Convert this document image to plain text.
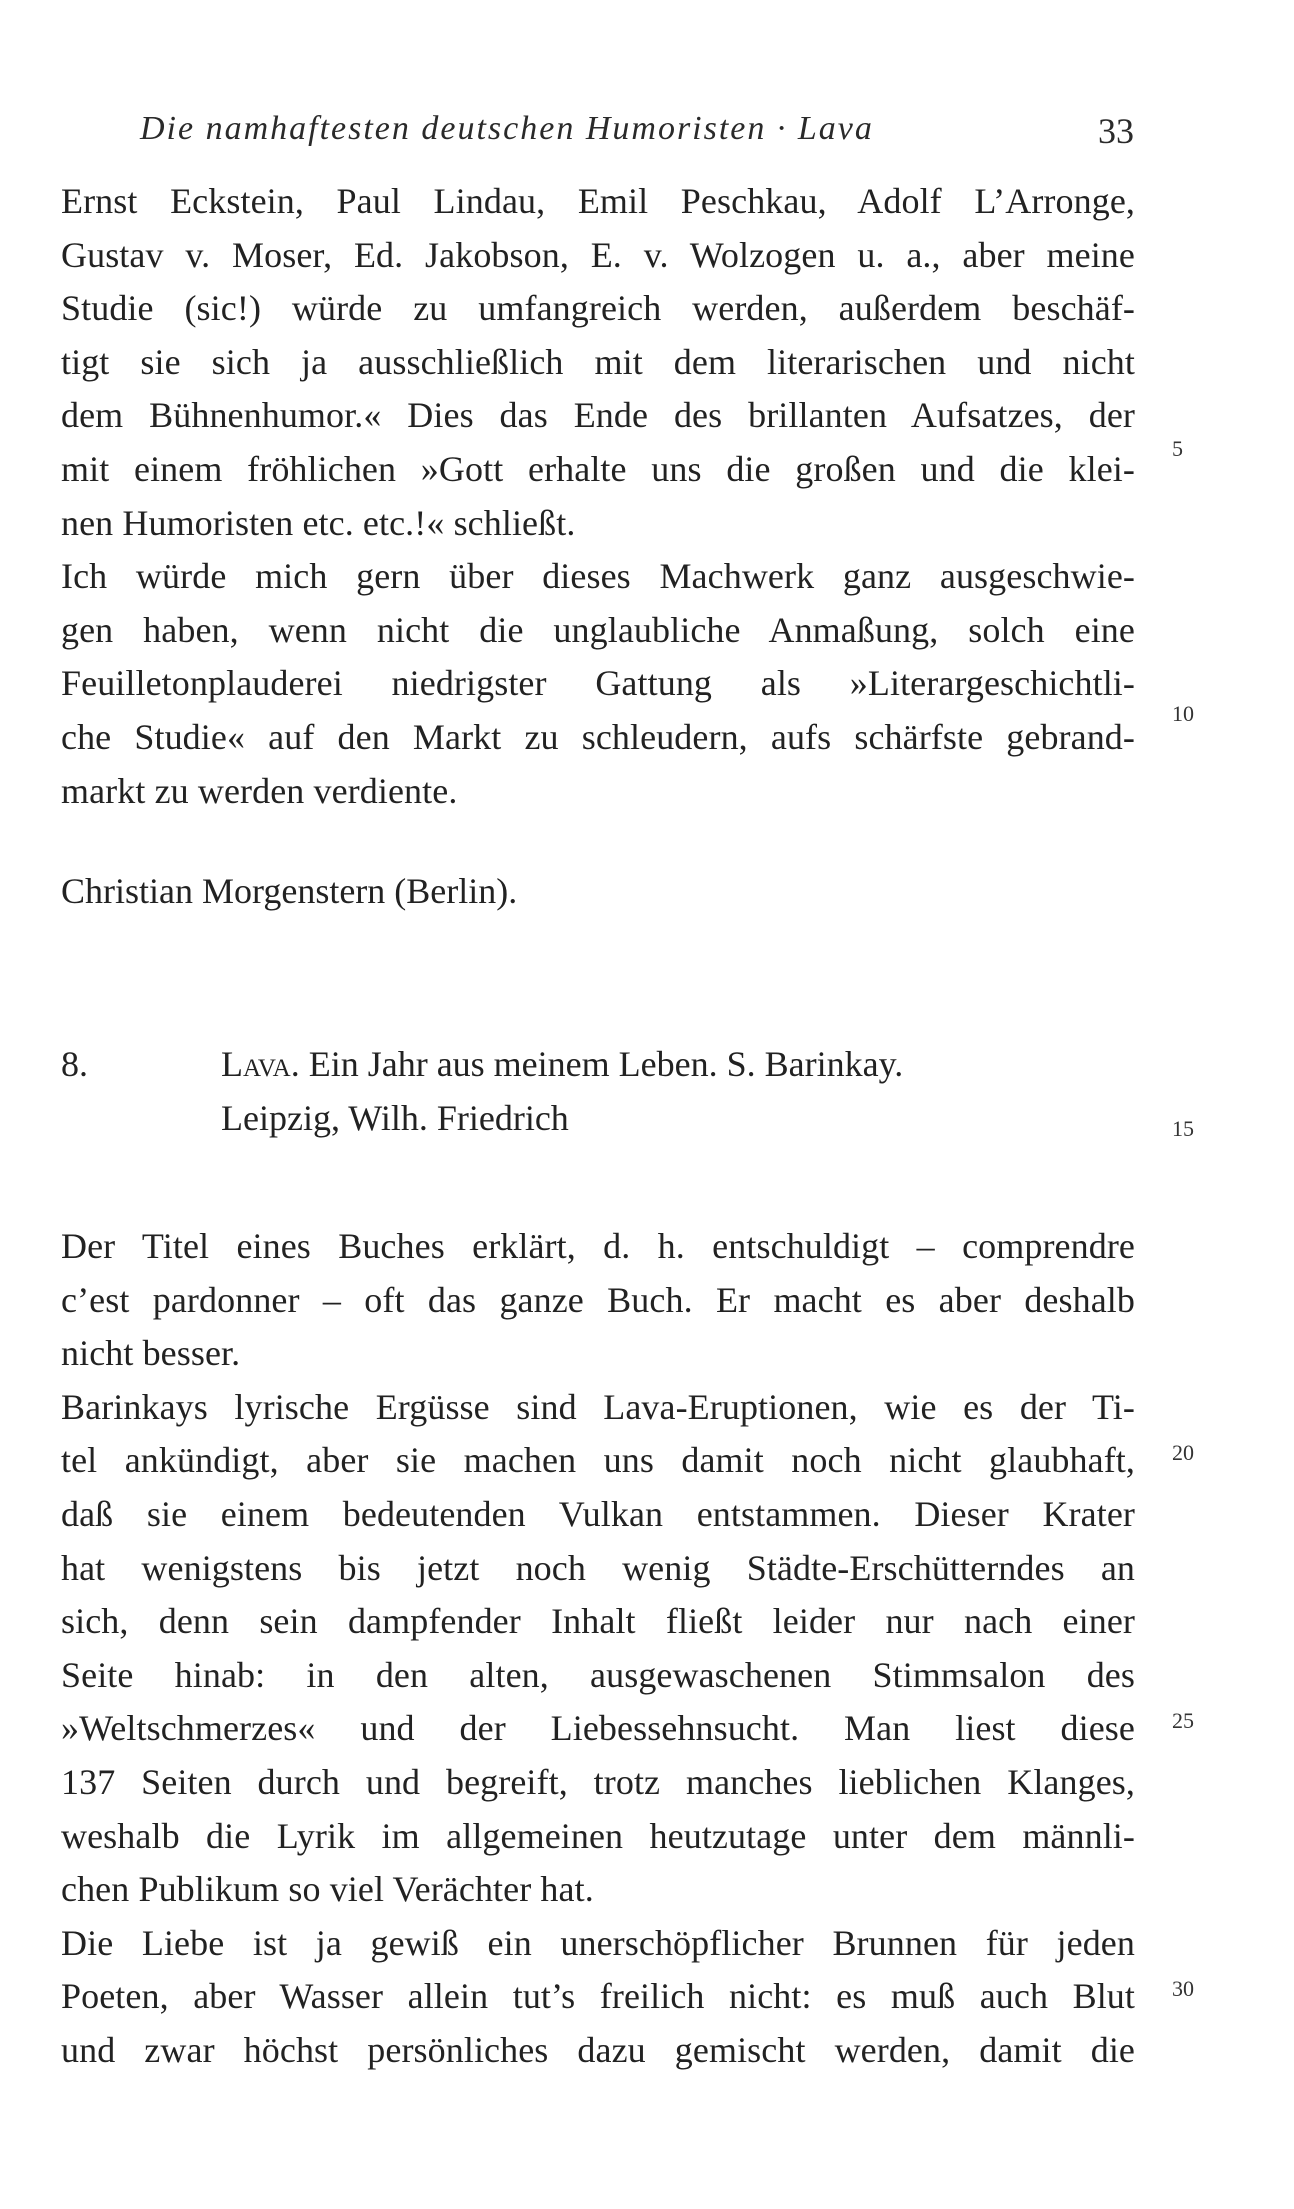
Die namhaftesten deutschen Humoristen · Lava	33
Ernst Eckstein, Paul Lindau, Emil Peschkau, Adolf L’Arronge,
Gustav v. Moser, Ed. Jakobson, E. v. Wolzogen u. a., aber meine
Studie (sic!) würde zu umfangreich werden, außerdem beschäf-
tigt sie sich ja ausschließlich mit dem literarischen und nicht
dem Bühnenhumor.« Dies das Ende des brillanten Aufsatzes, der
mit einem fröhlichen »Gott erhalte uns die großen und die klei-
nen Humoristen etc. etc.!« schließt.
Ich würde mich gern über dieses Machwerk ganz ausgeschwie-
gen haben, wenn nicht die unglaubliche Anmaßung, solch eine
Feuilletonplauderei niedrigster Gattung als »Literargeschichtli-
che Studie« auf den Markt zu schleudern, aufs schärfste gebrand-
markt zu werden verdiente.
Christian Morgenstern (Berlin).
8.	Lava. Ein Jahr aus meinem Leben. S. Barinkay.
Leipzig, Wilh. Friedrich
Der Titel eines Buches erklärt, d. h. entschuldigt – comprendre
c’est pardonner – oft das ganze Buch. Er macht es aber deshalb
nicht besser.
Barinkays lyrische Ergüsse sind Lava-Eruptionen, wie es der Ti-
tel ankündigt, aber sie machen uns damit noch nicht glaubhaft,
daß sie einem bedeutenden Vulkan entstammen. Dieser Krater
hat wenigstens bis jetzt noch wenig Städte-Erschütterndes an
sich, denn sein dampfender Inhalt fließt leider nur nach einer
Seite hinab: in den alten, ausgewaschenen Stimmsalon des
»Weltschmerzes« und der Liebessehnsucht. Man liest diese
137 Seiten durch und begreift, trotz manches lieblichen Klanges,
weshalb die Lyrik im allgemeinen heutzutage unter dem männli-
chen Publikum so viel Verächter hat.
Die Liebe ist ja gewiß ein unerschöpflicher Brunnen für jeden
Poeten, aber Wasser allein tut’s freilich nicht: es muß auch Blut
und zwar höchst persönliches dazu gemischt werden, damit die
5
10
15
20
25
30
